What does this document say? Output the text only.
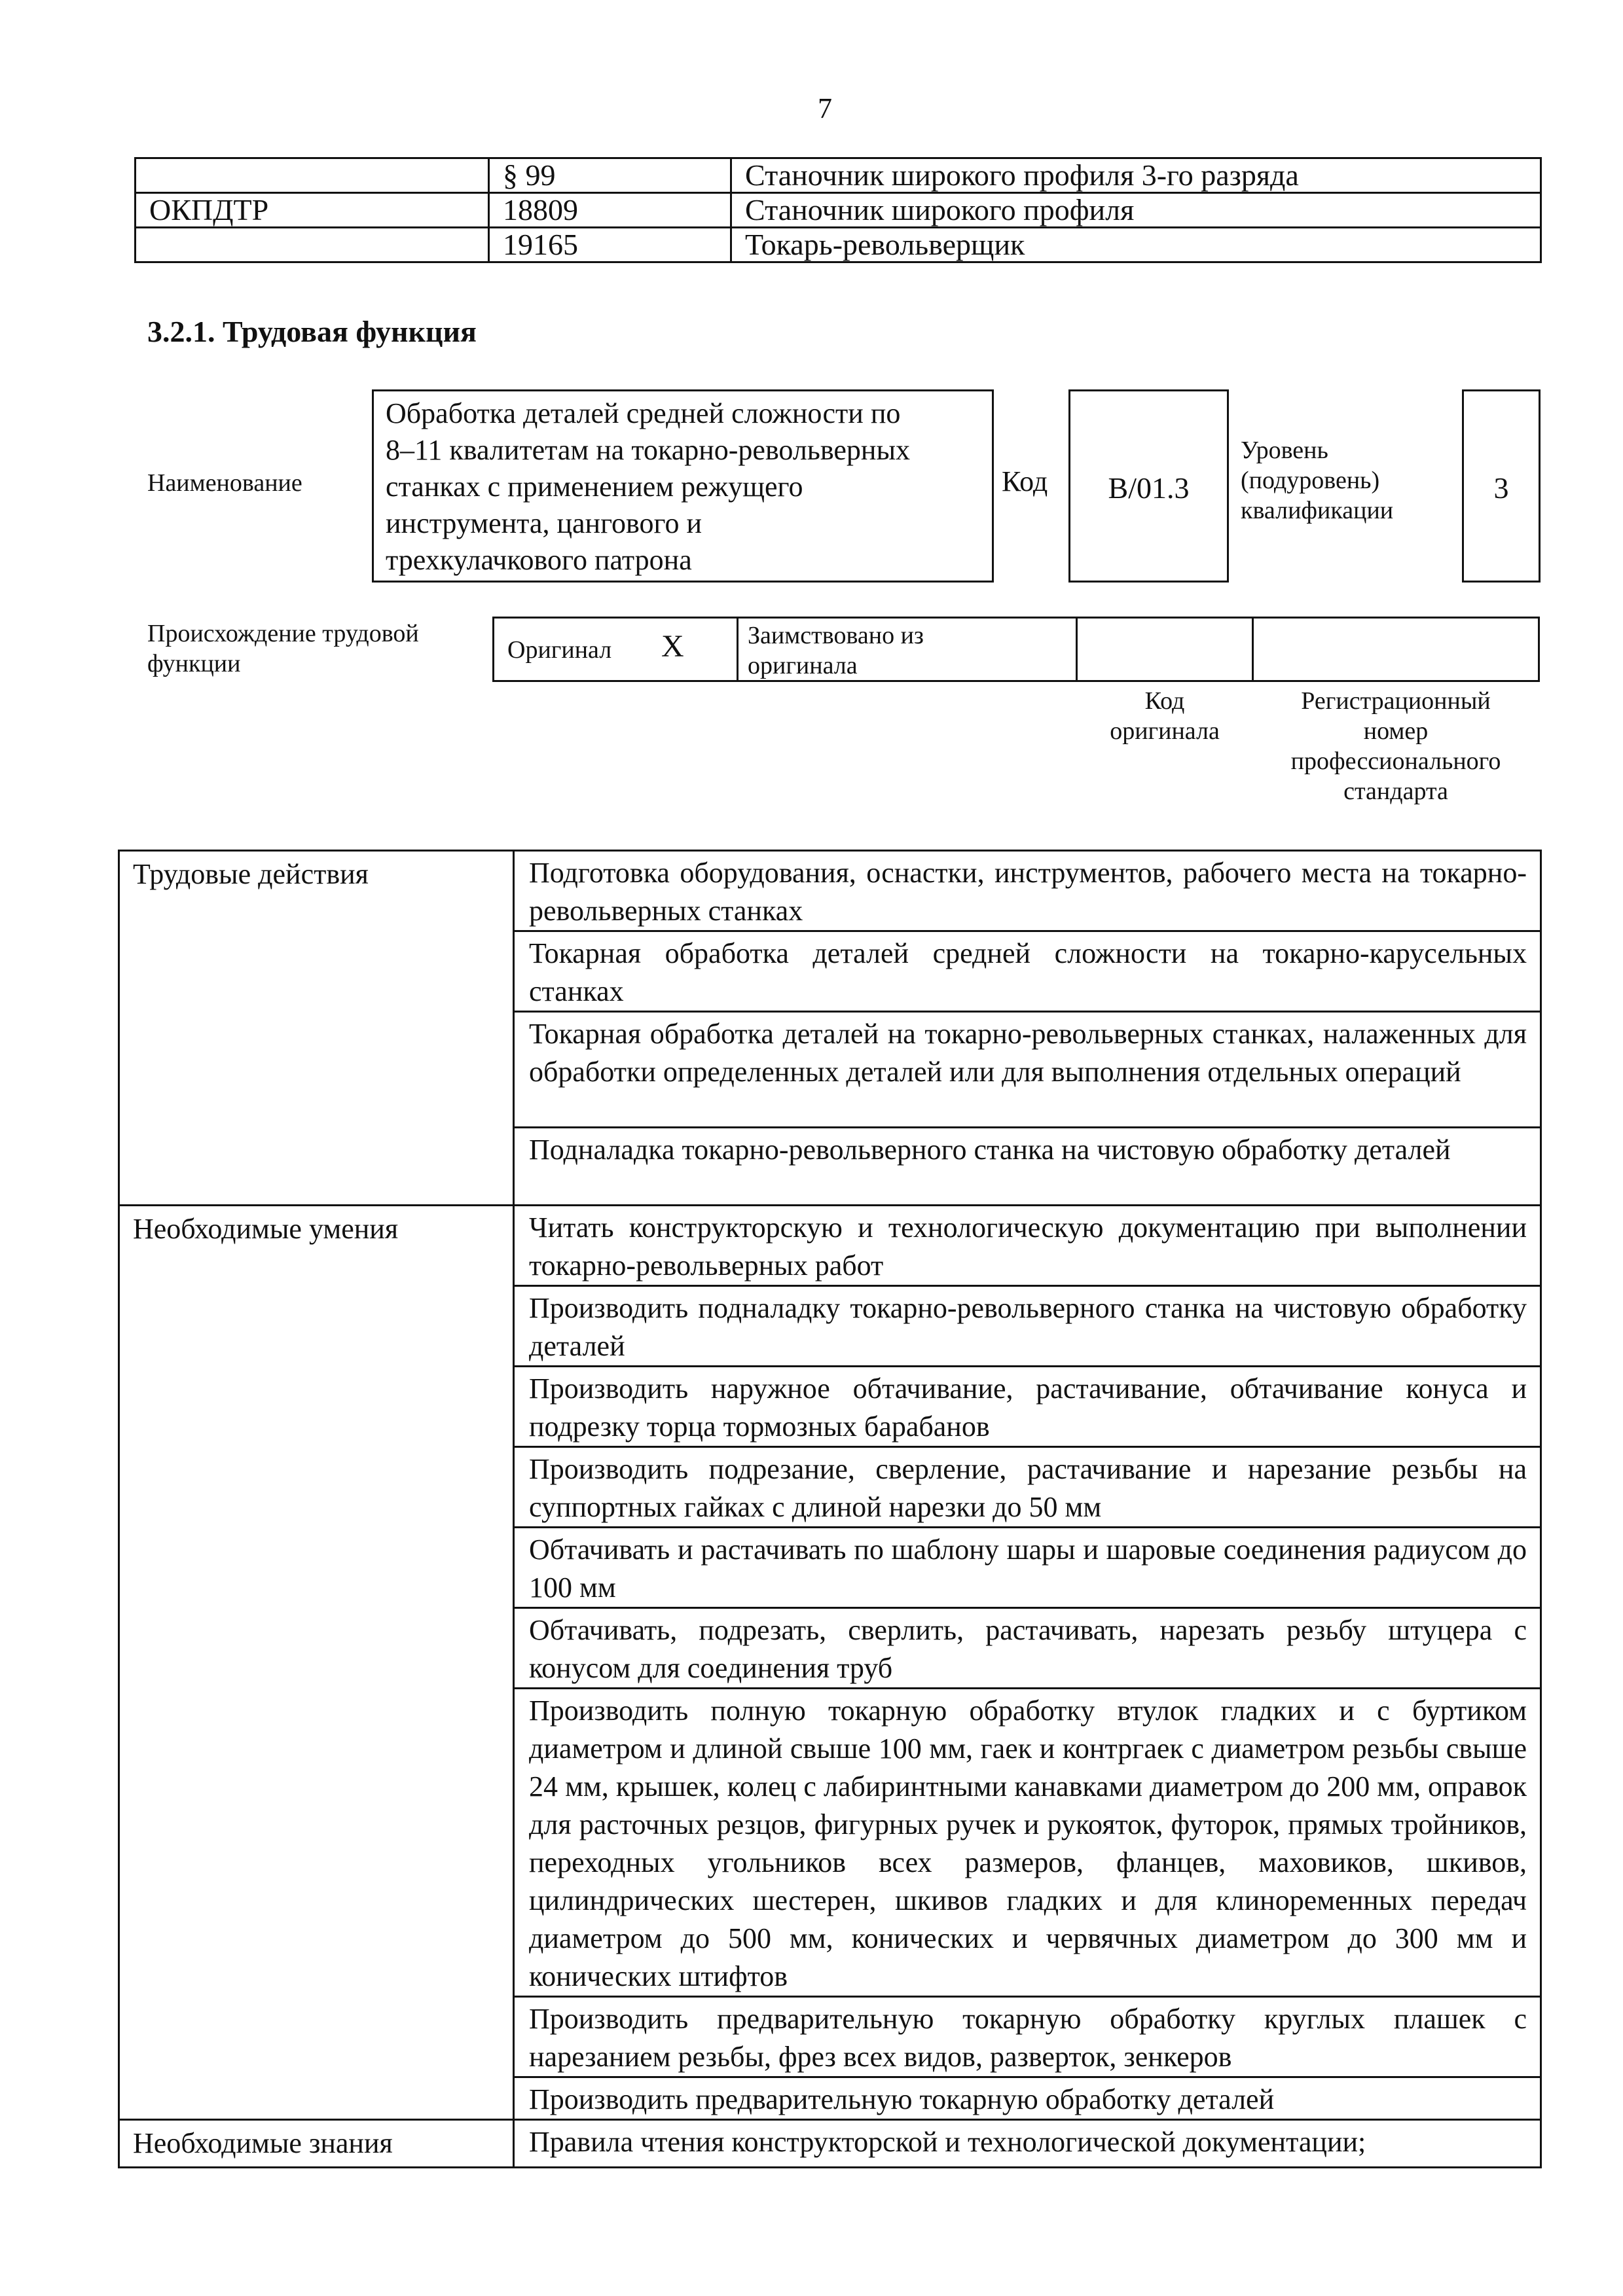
7
	§ 99	Станочник широкого профиля 3-го разряда
ОКПДТР	18809	Станочник широкого профиля
	19165	Токарь-револьверщик
3.2.1. Трудовая функция
Наименование
Обработка деталей средней сложности по
8–11 квалитетам на токарно-револьверных
станках с применением режущего
инструмента, цангового и
трехкулачкового патрона
Код	B/01.3
Уровень
(подуровень)
квалификации
3
Происхождение трудовой
функции	Оригинал X	Заимствовано из
оригинала
Код
оригинала
Регистрационный
номер
профессионального
стандарта
Трудовые действия	Подготовка оборудования, оснастки, инструментов, рабочего места на токарно-револьверных станках
	Токарная обработка деталей средней сложности на токарно-карусельных станках
	Токарная обработка деталей на токарно-револьверных станках, налаженных для обработки определенных деталей или для выполнения отдельных операций
	Подналадка токарно-револьверного станка на чистовую обработку деталей
Необходимые умения	Читать конструкторскую и технологическую документацию при выполнении токарно-револьверных работ
	Производить подналадку токарно-револьверного станка на чистовую обработку деталей
	Производить наружное обтачивание, растачивание, обтачивание конуса и подрезку торца тормозных барабанов
	Производить подрезание, сверление, растачивание и нарезание резьбы на суппортных гайках с длиной нарезки до 50 мм
	Обтачивать и растачивать по шаблону шары и шаровые соединения радиусом до 100 мм
	Обтачивать, подрезать, сверлить, растачивать, нарезать резьбу штуцера с конусом для соединения труб
	Производить полную токарную обработку втулок гладких и с буртиком диаметром и длиной свыше 100 мм, гаек и контргаек с диаметром резьбы свыше 24 мм, крышек, колец с лабиринтными канавками диаметром до 200 мм, оправок для расточных резцов, фигурных ручек и рукояток, футорок, прямых тройников, переходных угольников всех размеров, фланцев, маховиков, шкивов, цилиндрических шестерен, шкивов гладких и для клиноременных передач диаметром до 500 мм, конических и червячных диаметром до 300 мм и конических штифтов
	Производить предварительную токарную обработку круглых плашек с нарезанием резьбы, фрез всех видов, разверток, зенкеров
	Производить предварительную токарную обработку деталей
Необходимые знания	Правила чтения конструкторской и технологической документации;
